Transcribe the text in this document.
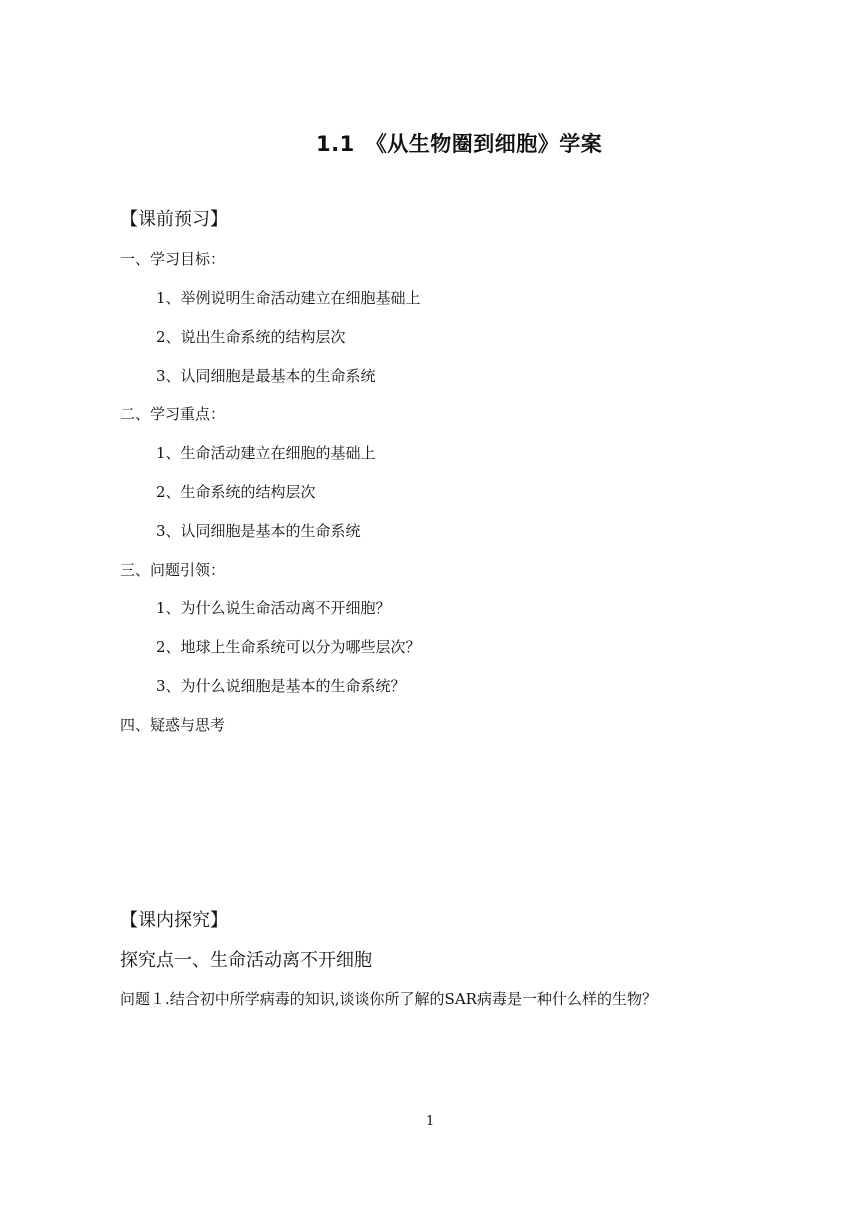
1.1　《从生物圈到细胞》学案
【课前预习】
一、学习目标：
1、举例说明生命活动建立在细胞基础上
2、说出生命系统的结构层次
3、认同细胞是最基本的生命系统
二、学习重点：
1、生命活动建立在细胞的基础上
2、生命系统的结构层次
3、认同细胞是基本的生命系统
三、问题引领：
1、为什么说生命活动离不开细胞？
2、地球上生命系统可以分为哪些层次？
3、为什么说细胞是基本的生命系统？
四、疑惑与思考
【课内探究】
探究点一、生命活动离不开细胞
问题１.结合初中所学病毒的知识,谈谈你所了解的SAR病毒是一种什么样的生物？
1
